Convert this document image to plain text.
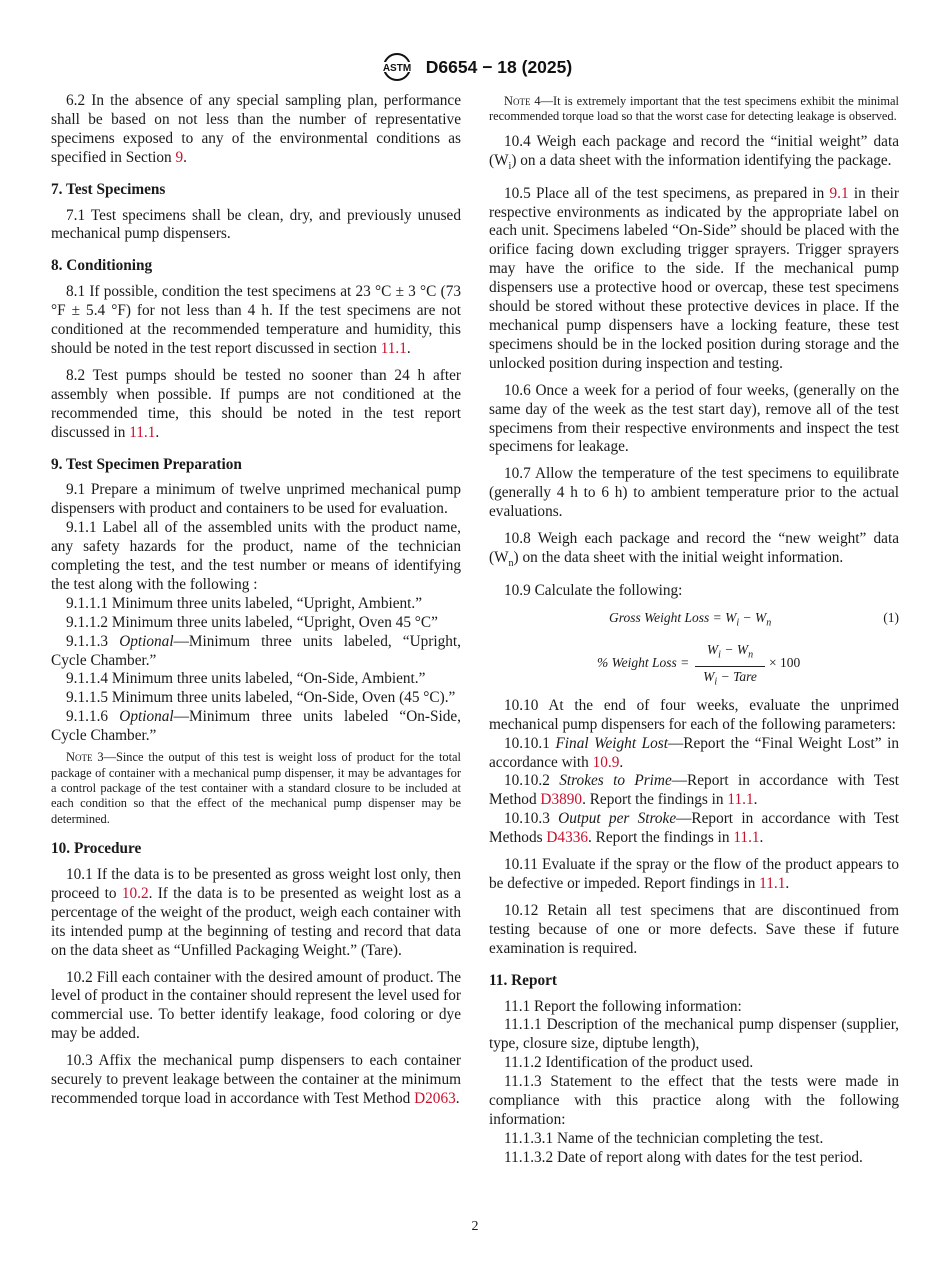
ASTM D6654 − 18 (2025)

6.2 In the absence of any special sampling plan, performance shall be based on not less than the number of representative specimens exposed to any of the environmental conditions as specified in Section 9.

7. Test Specimens

7.1 Test specimens shall be clean, dry, and previously unused mechanical pump dispensers.

8. Conditioning

8.1 If possible, condition the test specimens at 23 °C ± 3 °C (73 °F ± 5.4 °F) for not less than 4 h. If the test specimens are not conditioned at the recommended temperature and humidity, this should be noted in the test report discussed in section 11.1.

8.2 Test pumps should be tested no sooner than 24 h after assembly when possible. If pumps are not conditioned at the recommended time, this should be noted in the test report discussed in 11.1.

9. Test Specimen Preparation

9.1 Prepare a minimum of twelve unprimed mechanical pump dispensers with product and containers to be used for evaluation.

9.1.1 Label all of the assembled units with the product name, any safety hazards for the product, name of the technician completing the test, and the test number or means of identifying the test along with the following :

9.1.1.1 Minimum three units labeled, “Upright, Ambient.”

9.1.1.2 Minimum three units labeled, “Upright, Oven 45 °C”

9.1.1.3 Optional—Minimum three units labeled, “Upright, Cycle Chamber.”

9.1.1.4 Minimum three units labeled, “On-Side, Ambient.”

9.1.1.5 Minimum three units labeled, “On-Side, Oven (45 °C).”

9.1.1.6 Optional—Minimum three units labeled “On-Side, Cycle Chamber.”

Note 3—Since the output of this test is weight loss of product for the total package of container with a mechanical pump dispenser, it may be advantages for a control package of the test container with a standard closure to be included at each condition so that the effect of the mechanical pump dispenser may be determined.
10. Procedure

10.1 If the data is to be presented as gross weight lost only, then proceed to 10.2. If the data is to be presented as weight lost as a percentage of the weight of the product, weigh each container with its intended pump at the beginning of testing and record that data on the data sheet as “Unfilled Packaging Weight.” (Tare).

10.2 Fill each container with the desired amount of product. The level of product in the container should represent the level used for commercial use. To better identify leakage, food coloring or dye may be added.

10.3 Affix the mechanical pump dispensers to each container securely to prevent leakage between the container at the minimum recommended torque load in accordance with Test Method D2063.

Note 4—It is extremely important that the test specimens exhibit the minimal recommended torque load so that the worst case for detecting leakage is observed.

10.4 Weigh each package and record the “initial weight” data $(W_i)$ on a data sheet with the information identifying the package.

10.5 Place all of the test specimens, as prepared in 9.1 in their respective environments as indicated by the appropriate label on each unit. Specimens labeled “On-Side” should be placed with the orifice facing down excluding trigger sprayers. Trigger sprayers may have the orifice to the side. If the mechanical pump dispensers use a protective hood or overcap, these test specimens should be stored without these protective devices in place. If the mechanical pump dispensers have a locking feature, these test specimens should be in the locked position during storage and the unlocked position during inspection and testing.

10.6 Once a week for a period of four weeks, (generally on the same day of the week as the test start day), remove all of the test specimens from their respective environments and inspect the test specimens for leakage.

10.7 Allow the temperature of the test specimens to equilibrate (generally 4 h to 6 h) to ambient temperature prior to the actual evaluations.

10.8 Weigh each package and record the “new weight” data $(W_n)$ on the data sheet with the initial weight information.

10.9 Calculate the following:

Gross Weight Loss = $W_i - W_n$	(1)
% Weight Loss =
$W_i - W_n$
$W_i$ − Tare
× 100

10.10 At the end of four weeks, evaluate the unprimed mechanical pump dispensers for each of the following parameters:

10.10.1 Final Weight Lost—Report the “Final Weight Lost” in accordance with 10.9.

10.10.2 Strokes to Prime—Report in accordance with Test Method D3890. Report the findings in 11.1.

10.10.3 Output per Stroke—Report in accordance with Test Methods D4336. Report the findings in 11.1.

10.11 Evaluate if the spray or the flow of the product appears to be defective or impeded. Report findings in 11.1.

10.12 Retain all test specimens that are discontinued from testing because of one or more defects. Save these if future examination is required.

11. Report

11.1 Report the following information:

11.1.1 Description of the mechanical pump dispenser (supplier, type, closure size, diptube length),

11.1.2 Identification of the product used.

11.1.3 Statement to the effect that the tests were made in compliance with this practice along with the following information:

11.1.3.1 Name of the technician completing the test.

11.1.3.2 Date of report along with dates for the test period.

2
